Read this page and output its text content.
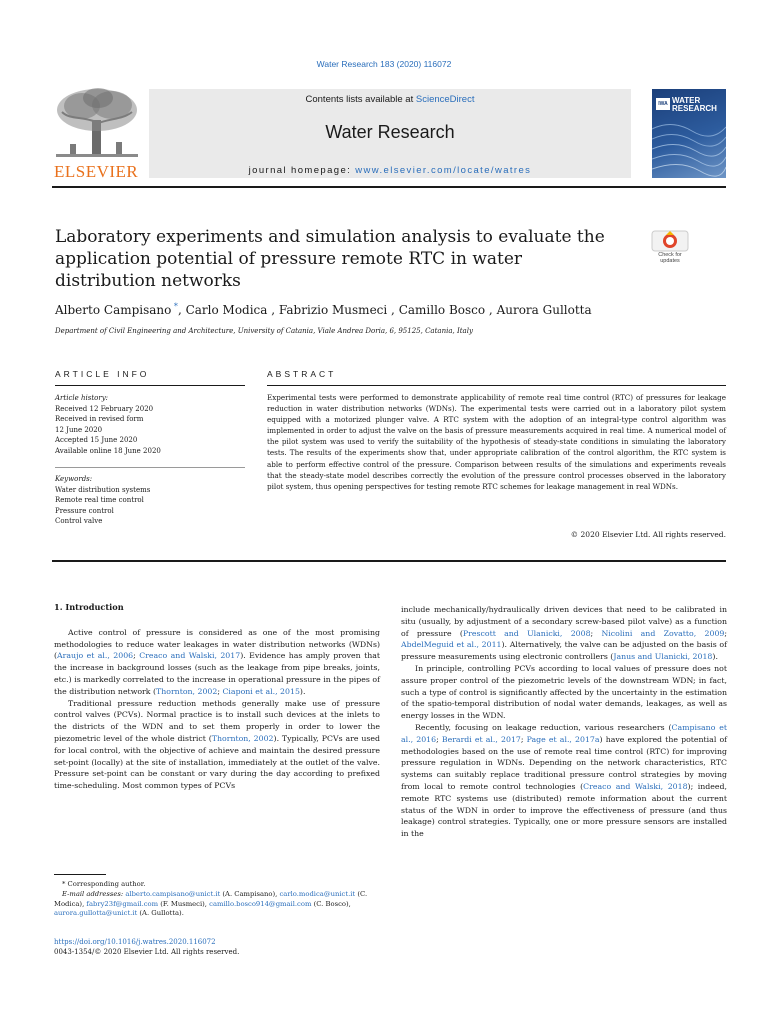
Water Research 183 (2020) 116072
ELSEVIER
Contents lists available at ScienceDirect
Water Research
journal homepage: www.elsevier.com/locate/watres
IWA WATER
RESEARCH
Laboratory experiments and simulation analysis to evaluate the application potential of pressure remote RTC in water distribution networks
Check for updates
Alberto Campisano *, Carlo Modica , Fabrizio Musmeci , Camillo Bosco , Aurora Gullotta
Department of Civil Engineering and Architecture, University of Catania, Viale Andrea Doria, 6, 95125, Catania, Italy
ARTICLE INFO	ABSTRACT
Article history:
Received 12 February 2020
Received in revised form
12 June 2020
Accepted 15 June 2020
Available online 18 June 2020
Keywords:
Water distribution systems
Remote real time control
Pressure control
Control valve

Experimental tests were performed to demonstrate applicability of remote real time control (RTC) of pressures for leakage reduction in water distribution networks (WDNs). The experimental tests were carried out in a laboratory pilot system equipped with a motorized plunger valve. A RTC system with the adoption of an integral-type control algorithm was implemented in order to adjust the valve on the basis of pressure measurements acquired in real time. A numerical model of the pilot system was used to verify the suitability of the hypothesis of steady-state conditions in simulating the laboratory tests. The results of the experiments show that, under appropriate calibration of the control algorithm, the RTC system is able to perform effective control of the pressure. Comparison between results of the simulations and experiments reveals that the steady-state model describes correctly the evolution of the pressure control processes observed in the laboratory pilot system, thus opening perspectives for testing remote RTC schemes for leakage management in real WDNs.

© 2020 Elsevier Ltd. All rights reserved.
1. Introduction

Active control of pressure is considered as one of the most promising methodologies to reduce water leakages in water distribution networks (WDNs) (Araujo et al., 2006; Creaco and Walski, 2017). Evidence has amply proven that the increase in background losses (such as the leakage from pipe breaks, joints, etc.) is markedly correlated to the increase in operational pressure in the pipes of the distribution network (Thornton, 2002; Ciaponi et al., 2015).

Traditional pressure reduction methods generally make use of pressure control valves (PCVs). Normal practice is to install such devices at the inlets to the districts of the WDN and to set them properly in order to lower the piezometric level of the whole district (Thornton, 2002). Typically, PCVs are used for local control, with the objective of achieve and maintain the desired pressure set-point (locally) at the site of installation, immediately at the outlet of the valve. Pressure set-point can be constant or vary during the day according to prefixed time-scheduling. Most common types of PCVs

include mechanically/hydraulically driven devices that need to be calibrated in situ (usually, by adjustment of a secondary screw-based pilot valve) as a function of pressure (Prescott and Ulanicki, 2008; Nicolini and Zovatto, 2009; AbdelMeguid et al., 2011). Alternatively, the valve can be adjusted on the basis of pressure measurements using electronic controllers (Janus and Ulanicki, 2018).

In principle, controlling PCVs according to local values of pressure does not assure proper control of the piezometric levels of the downstream WDN; in fact, such a type of control is significantly affected by the uncertainty in the estimation of the spatio-temporal distribution of nodal water demands, leakages, as well as energy losses in the WDN.

Recently, focusing on leakage reduction, various researchers (Campisano et al., 2016; Berardi et al., 2017; Page et al., 2017a) have explored the potential of methodologies based on the use of remote real time control (RTC) for improving pressure regulation in WDNs. Depending on the network characteristics, RTC systems can suitably replace traditional pressure control strategies by moving from local to remote control technologies (Creaco and Walski, 2018); indeed, remote RTC systems use (distributed) remote information about the current status of the WDN in order to improve the effectiveness of pressure (and thus leakage) control strategies. Typically, one or more pressure sensors are installed in the

* Corresponding author.
E-mail addresses: alberto.campisano@unict.it (A. Campisano), carlo.modica@unict.it (C. Modica), fabry23f@gmail.com (F. Musmeci), camillo.bosco914@gmail.com (C. Bosco), aurora.gullotta@unict.it (A. Gullotta).
https://doi.org/10.1016/j.watres.2020.116072
0043-1354/© 2020 Elsevier Ltd. All rights reserved.
